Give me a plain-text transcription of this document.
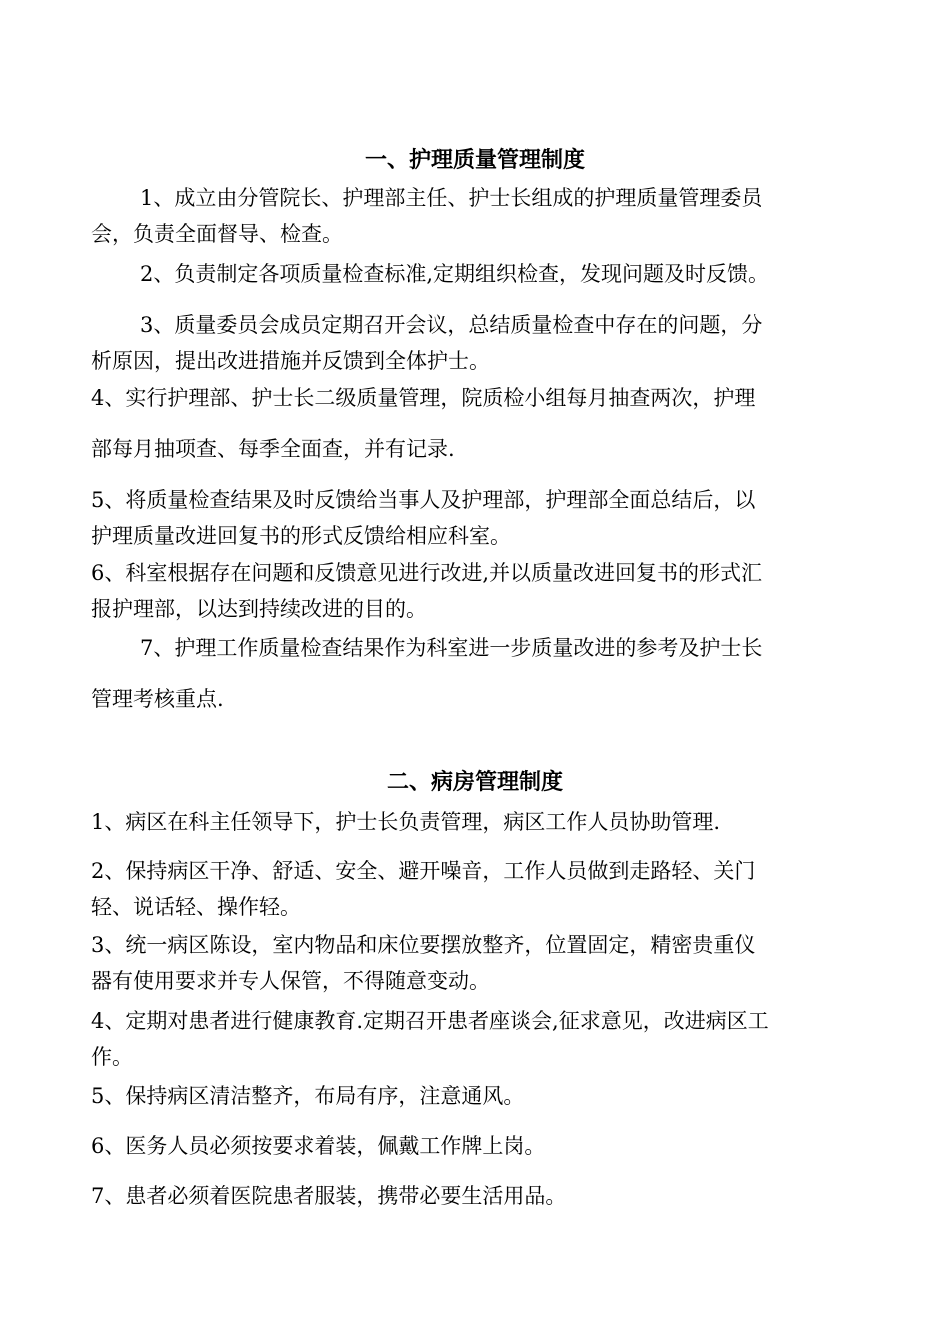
一、护理质量管理制度

1、成立由分管院长、护理部主任、护士长组成的护理质量管理委员
会，负责全面督导、检查。

2、负责制定各项质量检查标准,定期组织检查，发现问题及时反馈。

3、质量委员会成员定期召开会议，总结质量检查中存在的问题，分
析原因，提出改进措施并反馈到全体护士。

4、实行护理部、护士长二级质量管理，院质检小组每月抽查两次，护理
部每月抽项查、每季全面查，并有记录.

5、将质量检查结果及时反馈给当事人及护理部，护理部全面总结后，以
护理质量改进回复书的形式反馈给相应科室。

6、科室根据存在问题和反馈意见进行改进,并以质量改进回复书的形式汇
报护理部，以达到持续改进的目的。

7、护理工作质量检查结果作为科室进一步质量改进的参考及护士长
管理考核重点.

二、病房管理制度

1、病区在科主任领导下，护士长负责管理，病区工作人员协助管理.

2、保持病区干净、舒适、安全、避开噪音，工作人员做到走路轻、关门
轻、说话轻、操作轻。

3、统一病区陈设，室内物品和床位要摆放整齐，位置固定，精密贵重仪
器有使用要求并专人保管，不得随意变动。

4、定期对患者进行健康教育.定期召开患者座谈会,征求意见，改进病区工
作。

5、保持病区清洁整齐，布局有序，注意通风。

6、医务人员必须按要求着装，佩戴工作牌上岗。

7、患者必须着医院患者服装，携带必要生活用品。
